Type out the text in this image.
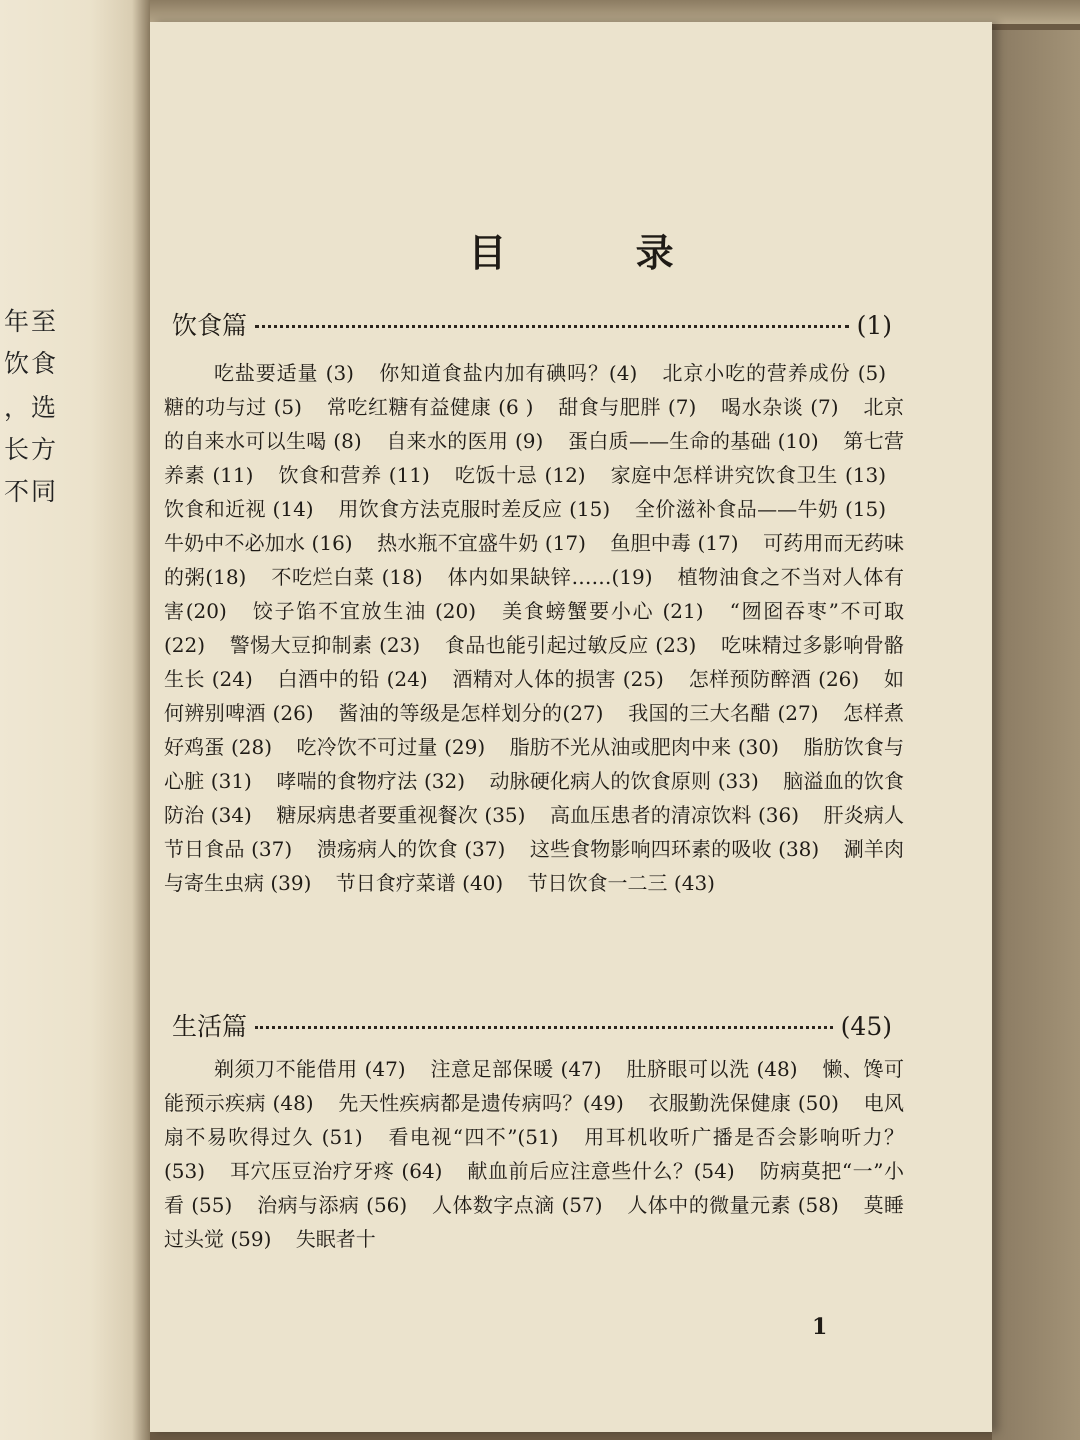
年至
饮食
，选
长方
不同
目 录
饮食篇	(1)
吃盐要适量 (3) 你知道食盐内加有碘吗？(4) 北京小吃的营养成份 (5) 糖的功与过 (5) 常吃红糖有益健康 (6 ) 甜食与肥胖 (7) 喝水杂谈 (7) 北京的自来水可以生喝 (8) 自来水的医用 (9) 蛋白质——生命的基础 (10) 第七营养素 (11) 饮食和营养 (11) 吃饭十忌 (12) 家庭中怎样讲究饮食卫生 (13) 饮食和近视 (14) 用饮食方法克服时差反应 (15) 全价滋补食品——牛奶 (15) 牛奶中不必加水 (16) 热水瓶不宜盛牛奶 (17) 鱼胆中毒 (17) 可药用而无药味的粥(18) 不吃烂白菜 (18) 体内如果缺锌……(19) 植物油食之不当对人体有害(20) 饺子馅不宜放生油 (20) 美食螃蟹要小心 (21) “囫囵吞枣”不可取(22) 警惕大豆抑制素 (23) 食品也能引起过敏反应 (23) 吃味精过多影响骨骼生长 (24) 白酒中的铅 (24) 酒精对人体的损害 (25) 怎样预防醉酒 (26) 如何辨别啤酒 (26) 酱油的等级是怎样划分的(27) 我国的三大名醋 (27) 怎样煮好鸡蛋 (28) 吃冷饮不可过量 (29) 脂肪不光从油或肥肉中来 (30) 脂肪饮食与心脏 (31) 哮喘的食物疗法 (32) 动脉硬化病人的饮食原则 (33) 脑溢血的饮食防治 (34) 糖尿病患者要重视餐次 (35) 高血压患者的清凉饮料 (36) 肝炎病人节日食品 (37) 溃疡病人的饮食 (37) 这些食物影响四环素的吸收 (38) 涮羊肉与寄生虫病 (39) 节日食疗菜谱 (40) 节日饮食一二三 (43)
生活篇	(45)
剃须刀不能借用 (47) 注意足部保暖 (47) 肚脐眼可以洗 (48) 懒、馋可能预示疾病 (48) 先天性疾病都是遗传病吗？(49) 衣服勤洗保健康 (50) 电风扇不易吹得过久 (51) 看电视“四不”(51) 用耳机收听广播是否会影响听力？(53) 耳穴压豆治疗牙疼 (64) 献血前后应注意些什么？(54) 防病莫把“一”小看 (55) 治病与添病 (56) 人体数字点滴 (57) 人体中的微量元素 (58) 莫睡过头觉 (59) 失眠者十
1
